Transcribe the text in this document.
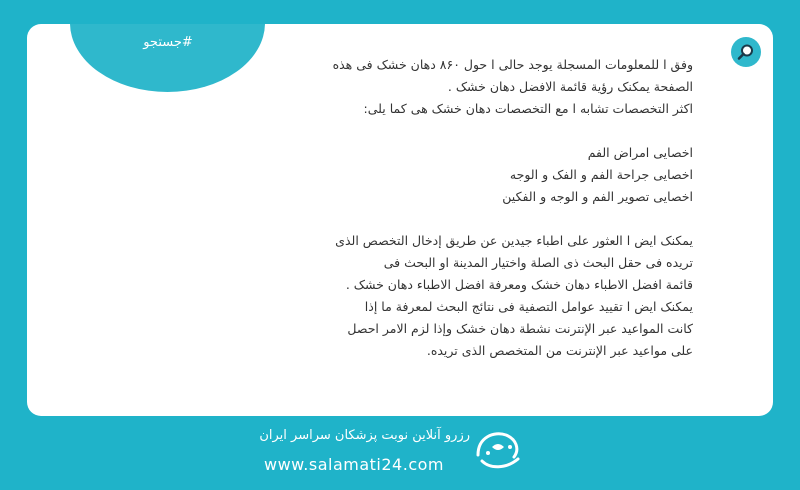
#جستجو

وفق ا للمعلومات المسجلة يوجد حالی ا حول ۸۶۰ دهان خشک فی هذه

الصفحة يمكنک رؤية قائمة الافضل دهان خشک .

اكثر التخصصات تشابه ا مع التخصصات دهان خشک هی كما یلی:

اخصایی امراض الفم

اخصایی جراحة الفم و الفک و الوجه

اخصایی تصویر الفم و الوجه و الفكين

يمكنک ايض ا العثور على اطباء جيدين عن طريق إدخال التخصص الذی

تريده فی حقل البحث ذی الصلة واختيار المدينة او البحث فی

قائمة افضل الاطباء دهان خشک ومعرفة افضل الاطباء دهان خشک .

يمكنک ايض ا تقييد عوامل التصفية فی نتائج البحث لمعرفة ما إذا

كانت المواعيد عبر الإنترنت نشطة دهان خشک وإذا لزم الامر احصل

على مواعيد عبر الإنترنت من المتخصص الذی تريده.

رزرو آنلاین نوبت پزشکان سراسر ایران
www.salamati24.com
